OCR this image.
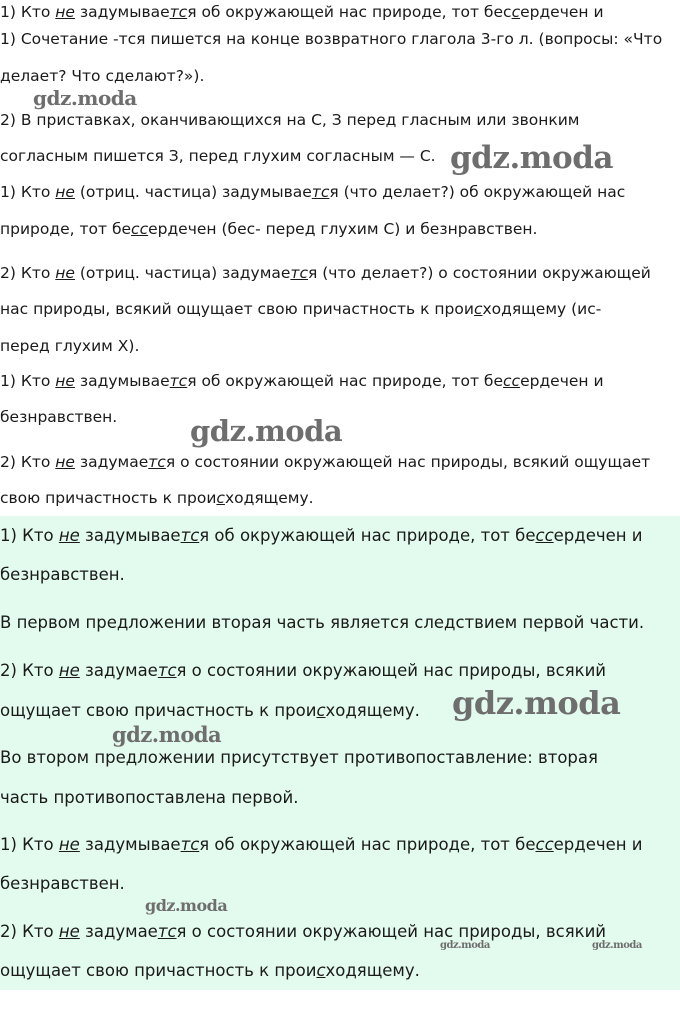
1) Кто не задумывается об окружающей нас природе, тот бессердечен и
1) Сочетание -тся пишется на конце возвратного глагола 3-го л. (вопросы: «Что
делает? Что сделают?»).
2) В приставках, оканчивающихся на С, З перед гласным или звонким
согласным пишется З, перед глухим согласным — С.
1) Кто не (отриц. частица) задумывается (что делает?) об окружающей нас
природе, тот бессердечен (бес- перед глухим С) и безнравствен.
2) Кто не (отриц. частица) задумается (что делает?) о состоянии окружающей
нас природы, всякий ощущает свою причастность к происходящему (ис-
перед глухим Х).
1) Кто не задумывается об окружающей нас природе, тот бессердечен и
безнравствен.
2) Кто не задумается о состоянии окружающей нас природы, всякий ощущает
свою причастность к происходящему.
1) Кто не задумывается об окружающей нас природе, тот бессердечен и
безнравствен.
В первом предложении вторая часть является следствием первой части.
2) Кто не задумается о состоянии окружающей нас природы, всякий
ощущает свою причастность к происходящему.
Во втором предложении присутствует противопоставление: вторая
часть противопоставлена первой.
1) Кто не задумывается об окружающей нас природе, тот бессердечен и
безнравствен.
2) Кто не задумается о состоянии окружающей нас природы, всякий
ощущает свою причастность к происходящему.
gdz.moda
gdz.moda
gdz.moda
gdz.moda
gdz.moda
gdz.moda
gdz.moda	gdz.moda
